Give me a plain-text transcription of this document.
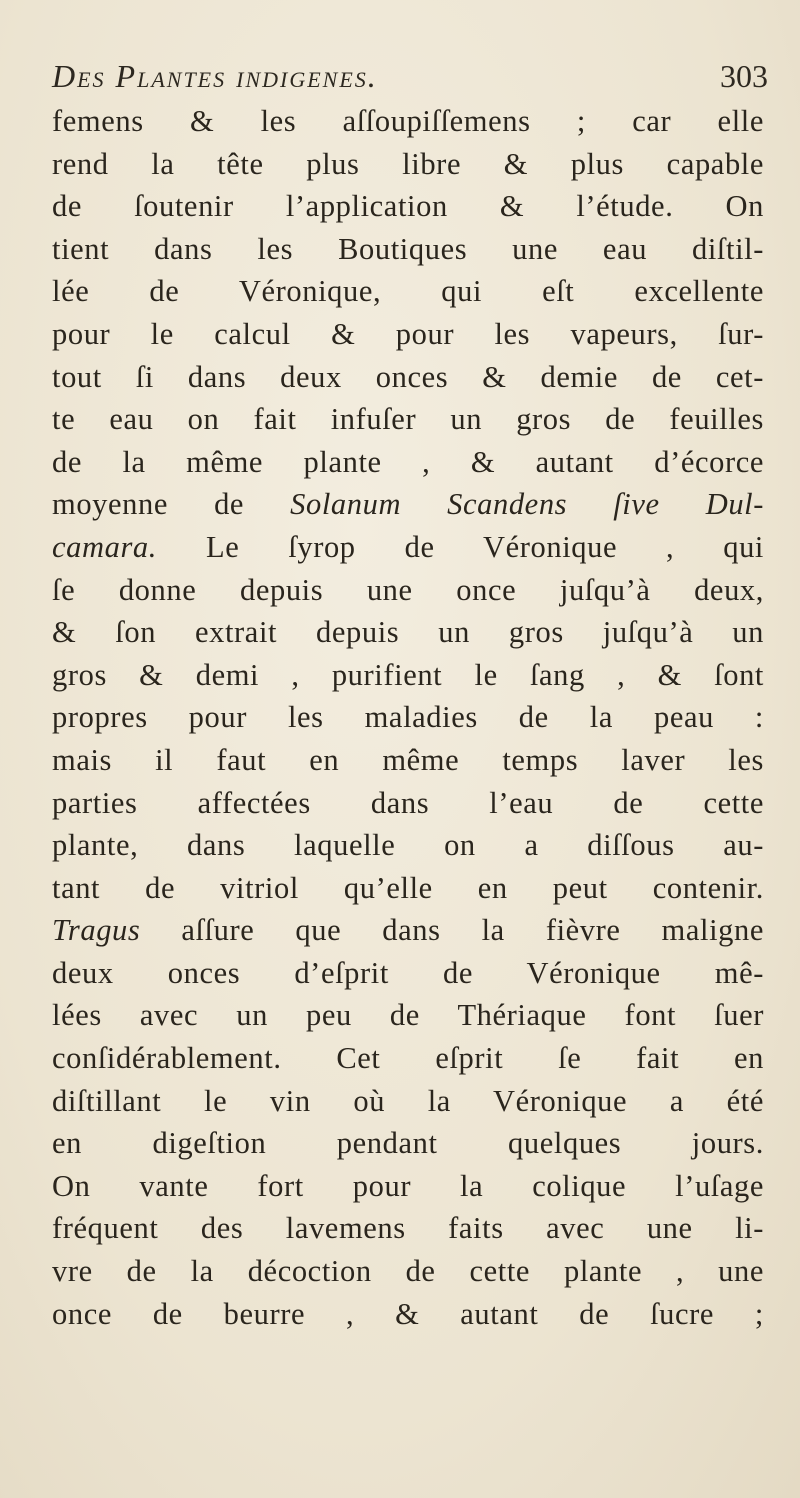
Des Plantes indigenes.	303
femens & les aſſoupiſſemens ; car elle
rend la tête plus libre & plus capable
de ſoutenir l’application & l’étude. On
tient dans les Boutiques une eau diſtil-
lée de Véronique, qui eſt excellente
pour le calcul & pour les vapeurs, ſur-
tout ſi dans deux onces & demie de cet-
te eau on fait infuſer un gros de feuilles
de la même plante , & autant d’écorce
moyenne de Solanum Scandens ſive Dul-
camara. Le ſyrop de Véronique , qui
ſe donne depuis une once juſqu’à deux,
& ſon extrait depuis un gros juſqu’à un
gros & demi , purifient le ſang , & ſont
propres pour les maladies de la peau :
mais il faut en même temps laver les
parties affectées dans l’eau de cette
plante, dans laquelle on a diſſous au-
tant de vitriol qu’elle en peut contenir.
Tragus aſſure que dans la fièvre maligne
deux onces d’eſprit de Véronique mê-
lées avec un peu de Thériaque font ſuer
conſidérablement. Cet eſprit ſe fait en
diſtillant le vin où la Véronique a été
en digeſtion pendant quelques jours.
On vante fort pour la colique l’uſage
fréquent des lavemens faits avec une li-
vre de la décoction de cette plante , une
once de beurre , & autant de ſucre ;
